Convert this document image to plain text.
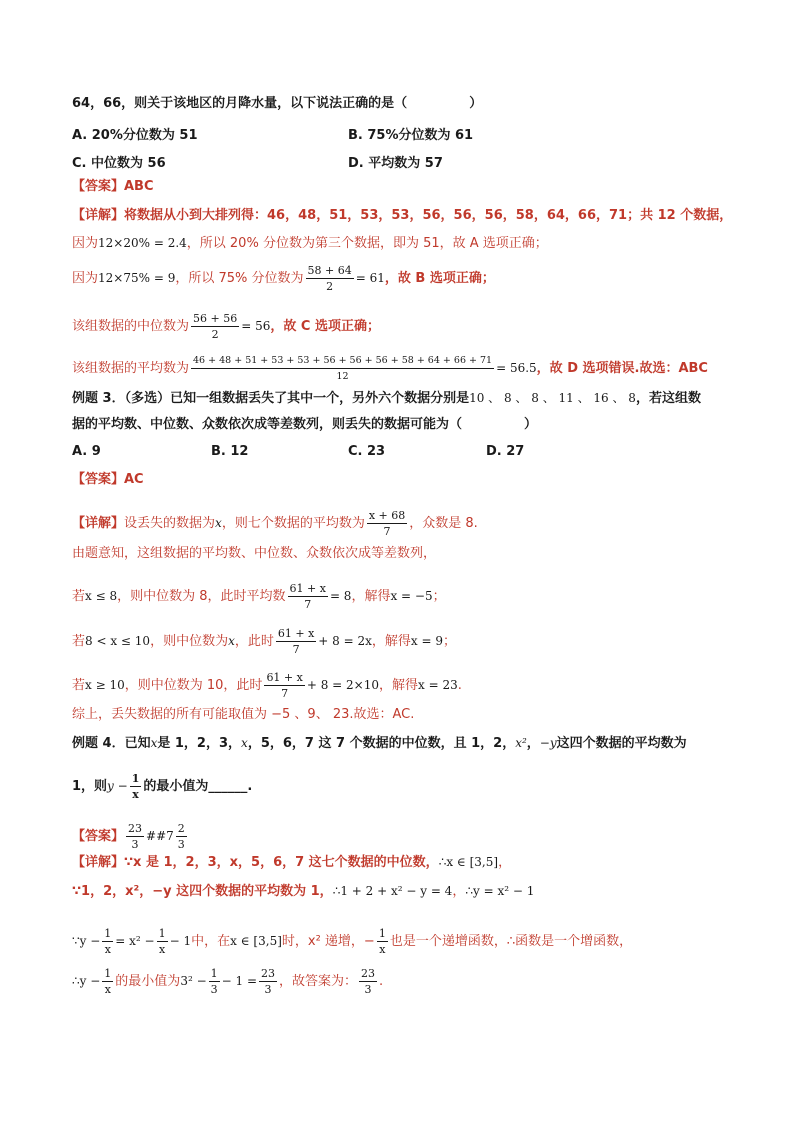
64，66，则关于该地区的月降水量，以下说法正确的是（	）
A. 20%分位数为 51	B. 75%分位数为 61
C. 中位数为 56	D. 平均数为 57
【答案】ABC
【详解】将数据从小到大排列得：46，48，51，53，53，56，56，56，58，64，66，71；共 12 个数据，
因为12×20% = 2.4，所以 20% 分位数为第三个数据，即为 51，故 A 选项正确；
因为12×75% = 9，所以 75% 分位数为 $\frac{58 + 64}{2} = 61$，故 B 选项正确；
该组数据的中位数为 $\frac{56 + 56}{2} = 56$，故 C 选项正确；
该组数据的平均数为 $\frac{46 + 48 + 51 + 53 + 53 + 56 + 56 + 56 + 58 + 64 + 66 + 71}{12} = 56.5$，故 D 选项错误.故选：ABC
例题 3．（多选）已知一组数据丢失了其中一个，另外六个数据分别是10 、 8 、 8 、 11 、 16 、 8，若这组数
据的平均数、中位数、众数依次成等差数列，则丢失的数据可能为（	）
A. 9	B. 12	C. 23	D. 27
【答案】AC
【详解】设丢失的数据为x，则七个数据的平均数为 $\frac{x + 68}{7}$ ，众数是 8.
由题意知，这组数据的平均数、中位数、众数依次成等差数列，
若x ≤ 8，则中位数为 8，此时平均数 $\frac{61 + x}{7} = 8$，解得x = −5；
若8 < x ≤ 10，则中位数为x，此时 $\frac{61 + x}{7} + 8 = 2x$，解得x = 9；
若x ≥ 10，则中位数为 10，此时 $\frac{61 + x}{7} + 8 = 2\times 10$，解得x = 23.
综上，丢失数据的所有可能取值为 −5 、9、 23.故选：AC.
例题 4．已知x是 1，2，3，x，5，6，7 这 7 个数据的中位数，且 1，2，x²，−y这四个数据的平均数为
1，则$y - \frac{1}{x}$ 的最小值为______.
【答案】 $\frac{23}{3}$ ##7 $\frac{2}{3}$
【详解】∵x 是 1，2，3，x，5，6，7 这七个数据的中位数，∴x ∈ [3,5]，
∵1，2，x²，−y 这四个数据的平均数为 1，∴1 + 2 + x² − y = 4，∴y = x² − 1
∵y − $\frac{1}{x} = x^2 - \frac{1}{x} - 1$中，在x ∈ [3,5]时，x² 递增，− $\frac{1}{x}$ 也是一个递增函数，∴函数是一个增函数，
∴y − $\frac{1}{x}$ 的最小值为$3^2 - \frac{1}{3} - 1 = \frac{23}{3}$ ，故答案为： $\frac{23}{3}$ .
